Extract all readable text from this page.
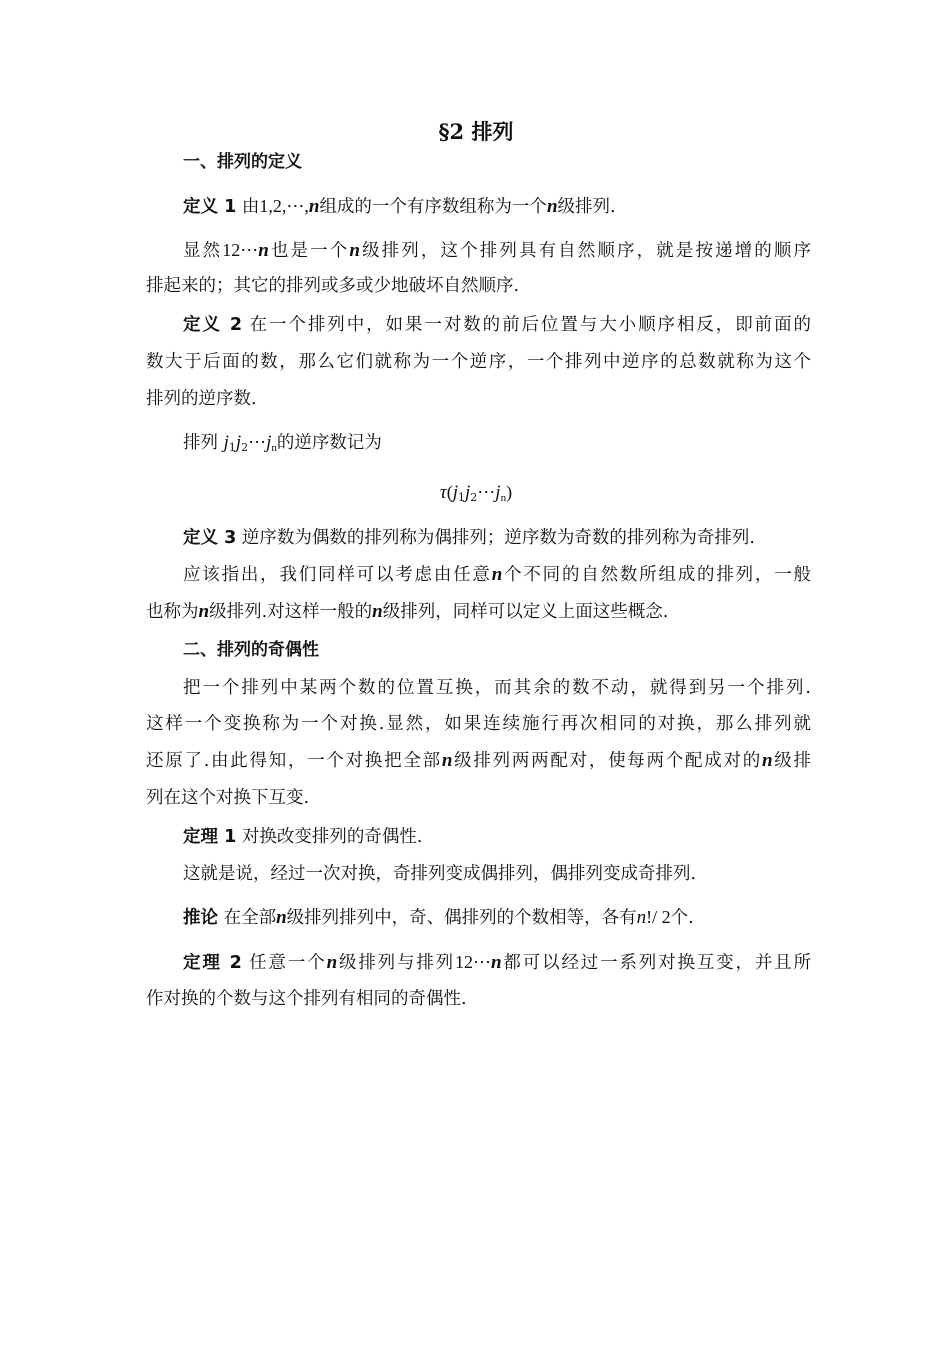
§2 排列
一、排列的定义
定义 1 由1,2,⋯,n组成的一个有序数组称为一个n级排列.
显然12⋯n也是一个n级排列，这个排列具有自然顺序，就是按递增的顺序
排起来的；其它的排列或多或少地破坏自然顺序.
定义 2 在一个排列中，如果一对数的前后位置与大小顺序相反，即前面的
数大于后面的数，那么它们就称为一个逆序，一个排列中逆序的总数就称为这个
排列的逆序数.
排列 $j_1j_2\cdots j_n$的逆序数记为
$\tau(j_1j_2\cdots j_n)$
定义 3 逆序数为偶数的排列称为偶排列；逆序数为奇数的排列称为奇排列.
应该指出，我们同样可以考虑由任意n个不同的自然数所组成的排列，一般
也称为n级排列.对这样一般的n级排列，同样可以定义上面这些概念.
二、排列的奇偶性
把一个排列中某两个数的位置互换，而其余的数不动，就得到另一个排列.
这样一个变换称为一个对换.显然，如果连续施行再次相同的对换，那么排列就
还原了.由此得知，一个对换把全部n级排列两两配对，使每两个配成对的n级排
列在这个对换下互变.
定理 1 对换改变排列的奇偶性.
这就是说，经过一次对换，奇排列变成偶排列，偶排列变成奇排列.
推论 在全部n级排列排列中，奇、偶排列的个数相等，各有n!/ 2个.
定理 2 任意一个n级排列与排列12⋯n都可以经过一系列对换互变，并且所
作对换的个数与这个排列有相同的奇偶性.
